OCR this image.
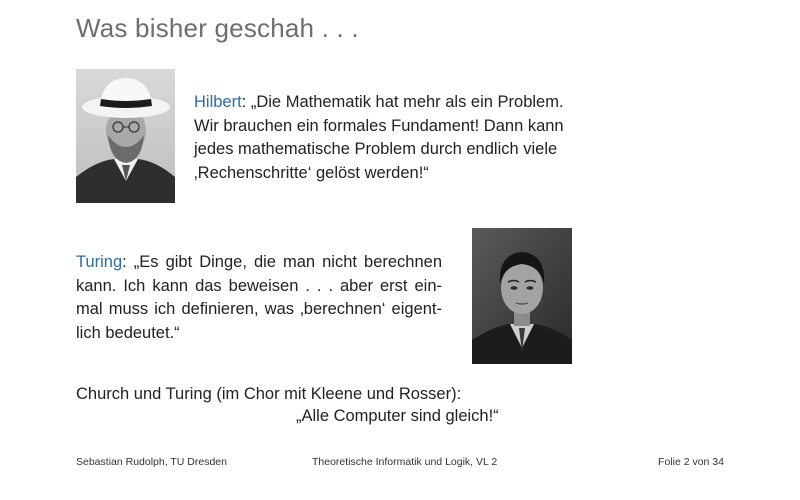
Was bisher geschah . . .
Hilbert: „Die Mathematik hat mehr als ein Problem.
Wir brauchen ein formales Fundament! Dann kann
jedes mathematische Problem durch endlich viele
‚Rechenschritte‘ gelöst werden!“
Turing: „Es gibt Dinge, die man nicht berechnen
kann. Ich kann das beweisen . . . aber erst ein-
mal muss ich definieren, was ‚berechnen‘ eigent-
lich bedeutet.“
Church und Turing (im Chor mit Kleene und Rosser):
„Alle Computer sind gleich!“
Sebastian Rudolph, TU Dresden	Theoretische Informatik und Logik, VL 2	Folie 2 von 34
